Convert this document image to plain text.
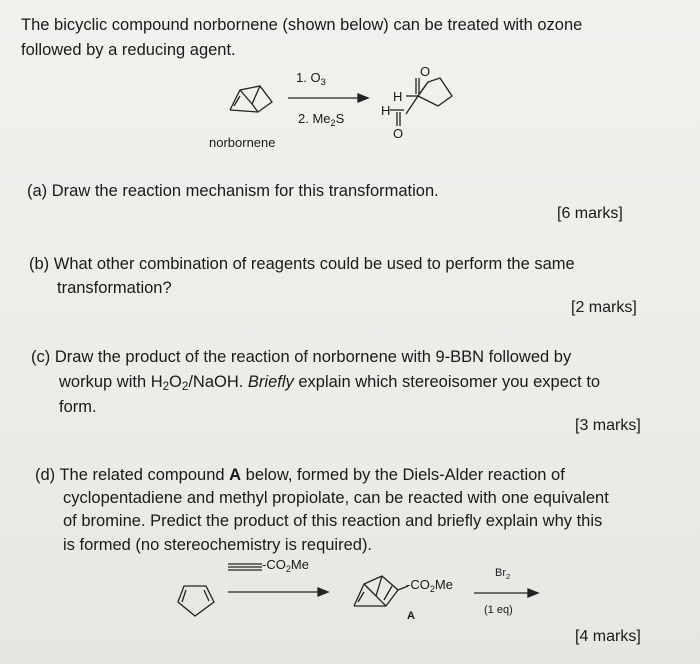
The bicyclic compound norbornene (shown below) can be treated with ozone
followed by a reducing agent.
norbornene
1. $O_3$
2. $Me_2S$
O
H
H
O
(a) Draw the reaction mechanism for this transformation.
[6 marks]
(b) What other combination of reagents could be used to perform the same
transformation?
[2 marks]
(c) Draw the product of the reaction of norbornene with 9-BBN followed by
workup with $H_2O_2$/NaOH. Briefly explain which stereoisomer you expect to
form.
[3 marks]
(d) The related compound A below, formed by the Diels-Alder reaction of
cyclopentadiene and methyl propiolate, can be reacted with one equivalent
of bromine. Predict the product of this reaction and briefly explain why this
is formed (no stereochemistry is required).
$-CO_2Me$
$-CO_2Me$
A
$Br_2$
(1 eq)
[4 marks]
